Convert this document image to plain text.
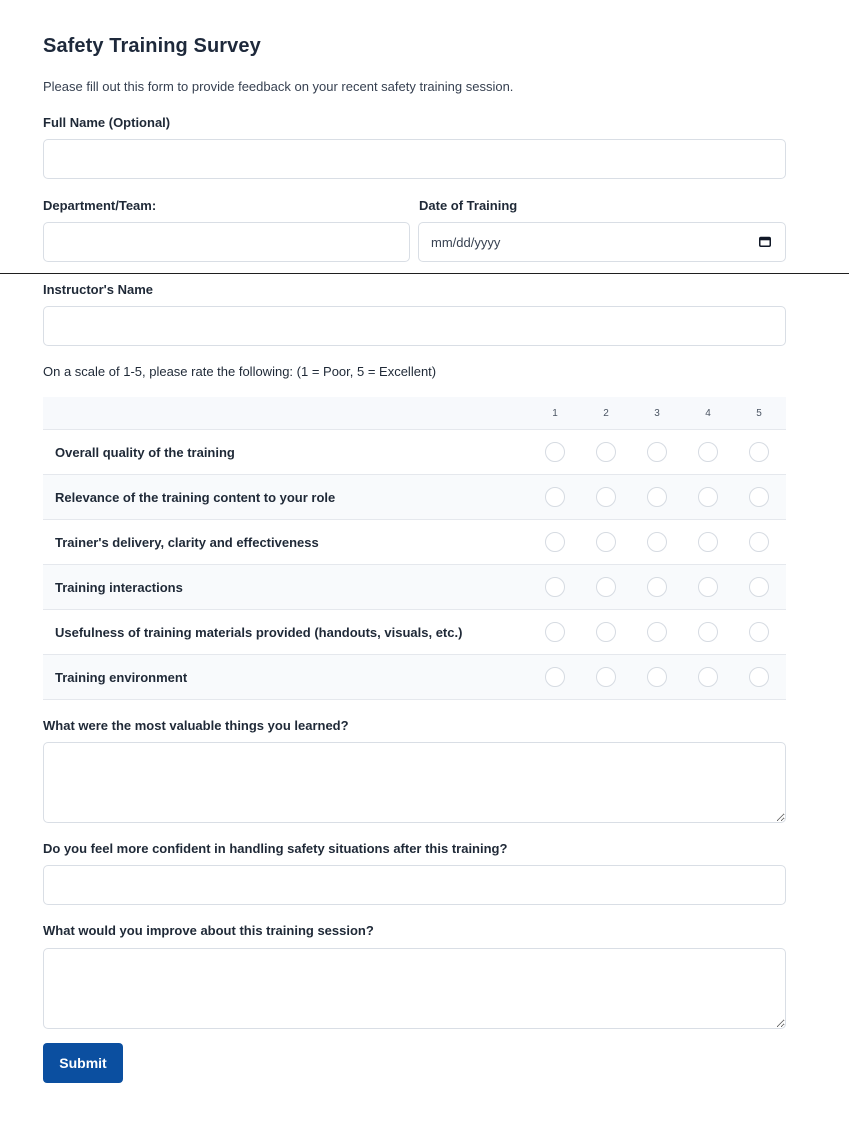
Safety Training Survey
Please fill out this form to provide feedback on your recent safety training session.
Full Name (Optional)
Department/Team:	Date of Training
mm/dd/yyyy
Instructor's Name
On a scale of 1-5, please rate the following: (1 = Poor, 5 = Excellent)
1	2	3	4	5
Overall quality of the training
Relevance of the training content to your role
Trainer's delivery, clarity and effectiveness
Training interactions
Usefulness of training materials provided (handouts, visuals, etc.)
Training environment
What were the most valuable things you learned?
Do you feel more confident in handling safety situations after this training?
What would you improve about this training session?
Submit
